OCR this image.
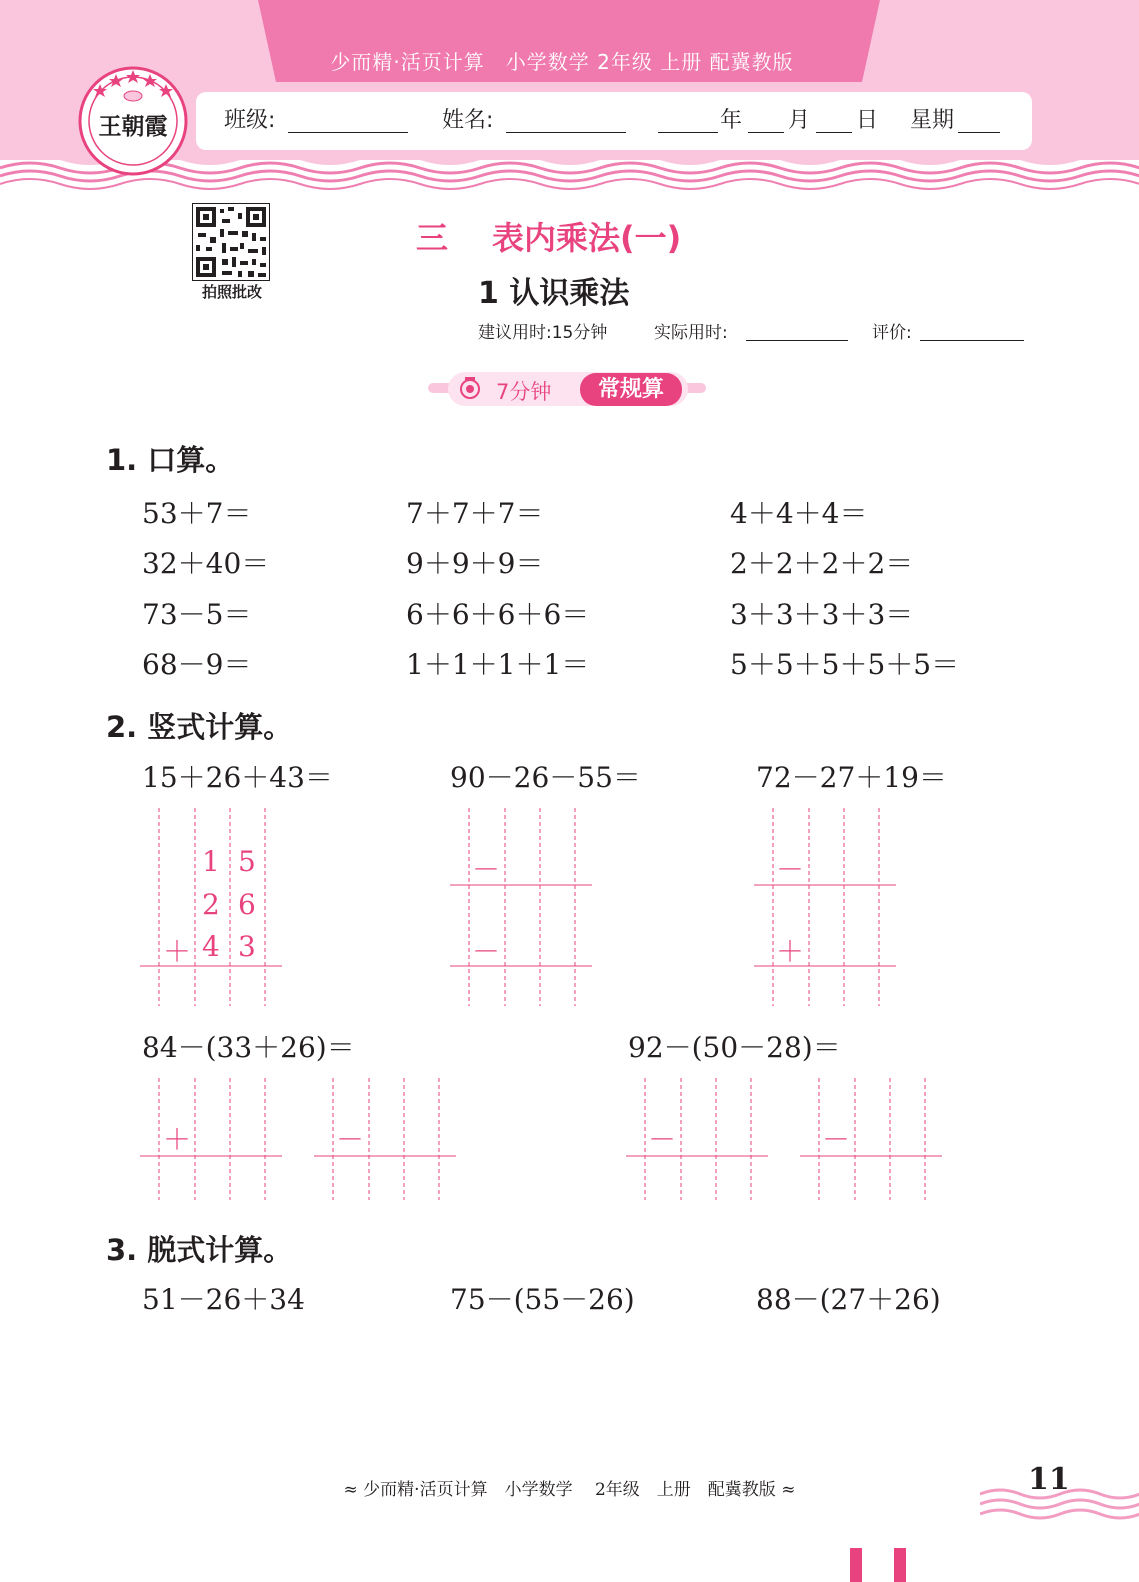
少而精·活页计算　小学数学 2年级 上册 配冀教版
班级:	姓名:	年 月 日 星期
王朝霞
拍照批改
三 表内乘法(一)
1 认识乘法
建议用时:15分钟	实际用时:	评价:
7分钟	常规算
1. 口算。
53＋7＝	7＋7＋7＝	4＋4＋4＝
32＋40＝	9＋9＋9＝	2＋2＋2＋2＝
73－5＝	6＋6＋6＋6＝	3＋3＋3＋3＝
68－9＝	1＋1＋1＋1＝	5＋5＋5＋5＋5＝
2. 竖式计算。
15＋26＋43＝	90－26－55＝	72－27＋19＝
1 5
2 6
＋ 4 3
－
－
－
＋
84－(33＋26)＝	92－(50－28)＝
＋	－	－	－
3. 脱式计算。
51－26＋34	75－(55－26)	88－(27＋26)
≈ 少而精·活页计算　小学数学　 2年级　上册　配冀教版 ≈	11
